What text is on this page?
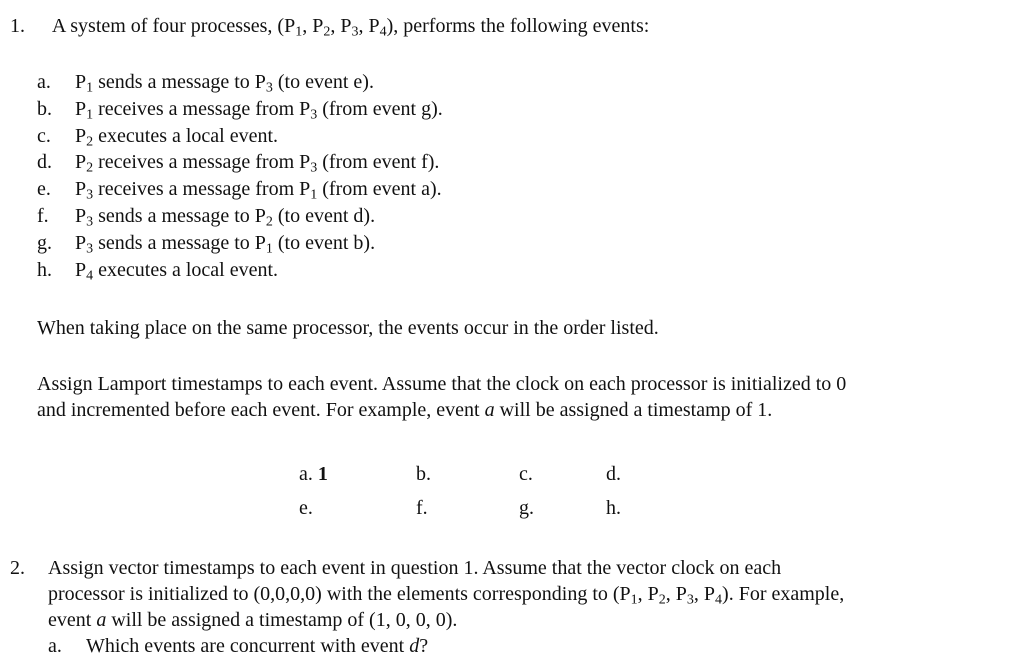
1. A system of four processes, ($P_1$, $P_2$, $P_3$, $P_4$), performs the following events:
a. $P_1$ sends a message to $P_3$ (to event e).
b. $P_1$ receives a message from $P_3$ (from event g).
c. $P_2$ executes a local event.
d. $P_2$ receives a message from $P_3$ (from event f).
e. $P_3$ receives a message from $P_1$ (from event a).
f. $P_3$ sends a message to $P_2$ (to event d).
g. $P_3$ sends a message to $P_1$ (to event b).
h. $P_4$ executes a local event.
When taking place on the same processor, the events occur in the order listed.
Assign Lamport timestamps to each event. Assume that the clock on each processor is initialized to 0
and incremented before each event. For example, event a will be assigned a timestamp of 1.
a. 1	b.	c.	d.
e.	f.	g.	h.
2. Assign vector timestamps to each event in question 1. Assume that the vector clock on each
processor is initialized to (0,0,0,0) with the elements corresponding to ($P_1$, $P_2$, $P_3$, $P_4$). For example,
event a will be assigned a timestamp of (1, 0, 0, 0).
a. Which events are concurrent with event d?
